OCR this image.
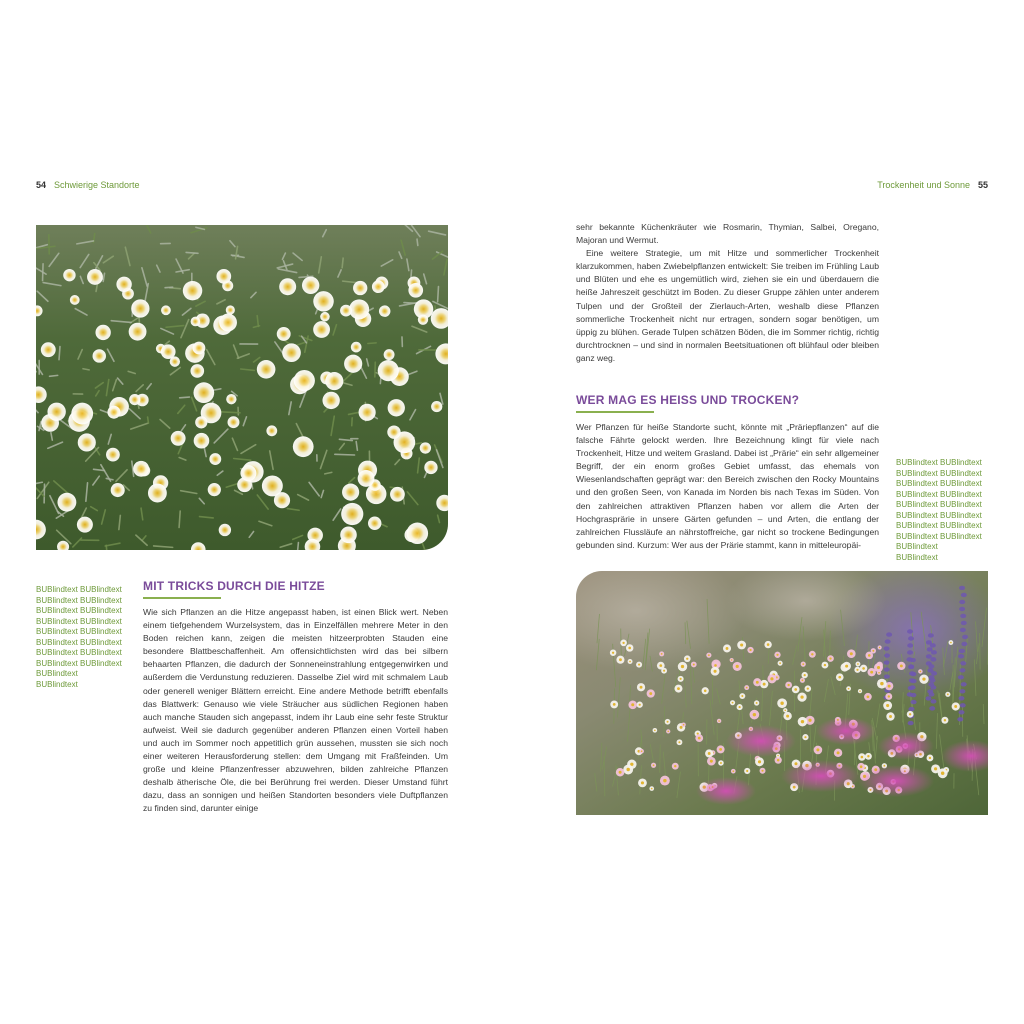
54 Schwierige Standorte	Trockenheit und Sonne 55
BUBlindtext BUBlindtext
BUBlindtext BUBlindtext
BUBlindtext BUBlindtext
BUBlindtext BUBlindtext
BUBlindtext BUBlindtext
BUBlindtext BUBlindtext
BUBlindtext BUBlindtext
BUBlindtext BUBlindtext
BUBlindtext
BUBlindtext
MIT TRICKS DURCH DIE HITZE

Wie sich Pflanzen an die Hitze angepasst haben, ist einen Blick wert. Neben einem tiefgehendem Wurzelsystem, das in Einzelfällen mehrere Meter in den Boden reichen kann, zeigen die meisten hitzeerprobten Stauden eine besondere Blattbeschaffenheit. Am offensichtlichsten wird das bei silbern behaarten Pflanzen, die dadurch der Sonneneinstrahlung entgegenwirken und außerdem die Verdunstung reduzieren. Dasselbe Ziel wird mit schmalem Laub oder generell weniger Blättern erreicht. Eine andere Methode betrifft ebenfalls das Blattwerk: Genauso wie viele Sträucher aus südlichen Regionen haben auch manche Stauden sich angepasst, indem ihr Laub eine sehr feste Struktur aufweist. Weil sie dadurch gegenüber anderen Pflanzen einen Vorteil haben und auch im Sommer noch appetitlich grün aussehen, mussten sie sich noch einer weiteren Herausforderung stellen: dem Umgang mit Fraßfeinden. Um große und kleine Pflanzenfresser abzuwehren, bilden zahlreiche Pflanzen deshalb ätherische Öle, die bei Berührung frei werden. Dieser Umstand führt dazu, dass an sonnigen und heißen Standorten besonders viele Duftpflanzen zu finden sind, darunter einige

sehr bekannte Küchenkräuter wie Rosmarin, Thymian, Salbei, Oregano, Majoran und Wermut.

Eine weitere Strategie, um mit Hitze und sommerlicher Trockenheit klarzukommen, haben Zwiebelpflanzen entwickelt: Sie treiben im Frühling Laub und Blüten und ehe es ungemütlich wird, ziehen sie ein und überdauern die heiße Jahreszeit geschützt im Boden. Zu dieser Gruppe zählen unter anderem Tulpen und der Großteil der Zierlauch-Arten, weshalb diese Pflanzen sommerliche Trockenheit nicht nur ertragen, sondern sogar benötigen, um üppig zu blühen. Gerade Tulpen schätzen Böden, die im Sommer richtig, richtig durchtrocknen – und sind in normalen Beetsituationen oft blühfaul oder bleiben ganz weg.

WER MAG ES HEISS UND TROCKEN?

Wer Pflanzen für heiße Standorte sucht, könnte mit „Präriepflanzen“ auf die falsche Fährte gelockt werden. Ihre Bezeichnung klingt für viele nach Trockenheit, Hitze und weitem Grasland. Dabei ist „Prärie“ ein sehr allgemeiner Begriff, der ein enorm großes Gebiet umfasst, das ehemals von Wiesenlandschaften geprägt war: den Bereich zwischen den Rocky Mountains und den großen Seen, von Kanada im Norden bis nach Texas im Süden. Von den zahlreichen attraktiven Pflanzen haben vor allem die Arten der Hochgrasprärie in unsere Gärten gefunden – und Arten, die entlang der zahlreichen Flussläufe an nährstoffreiche, gar nicht so trockene Bedingungen gebunden sind. Kurzum: Wer aus der Prärie stammt, kann in mitteleuropäi-

BUBlindtext BUBlindtext
BUBlindtext BUBlindtext
BUBlindtext BUBlindtext
BUBlindtext BUBlindtext
BUBlindtext BUBlindtext
BUBlindtext BUBlindtext
BUBlindtext BUBlindtext
BUBlindtext BUBlindtext
BUBlindtext
BUBlindtext
